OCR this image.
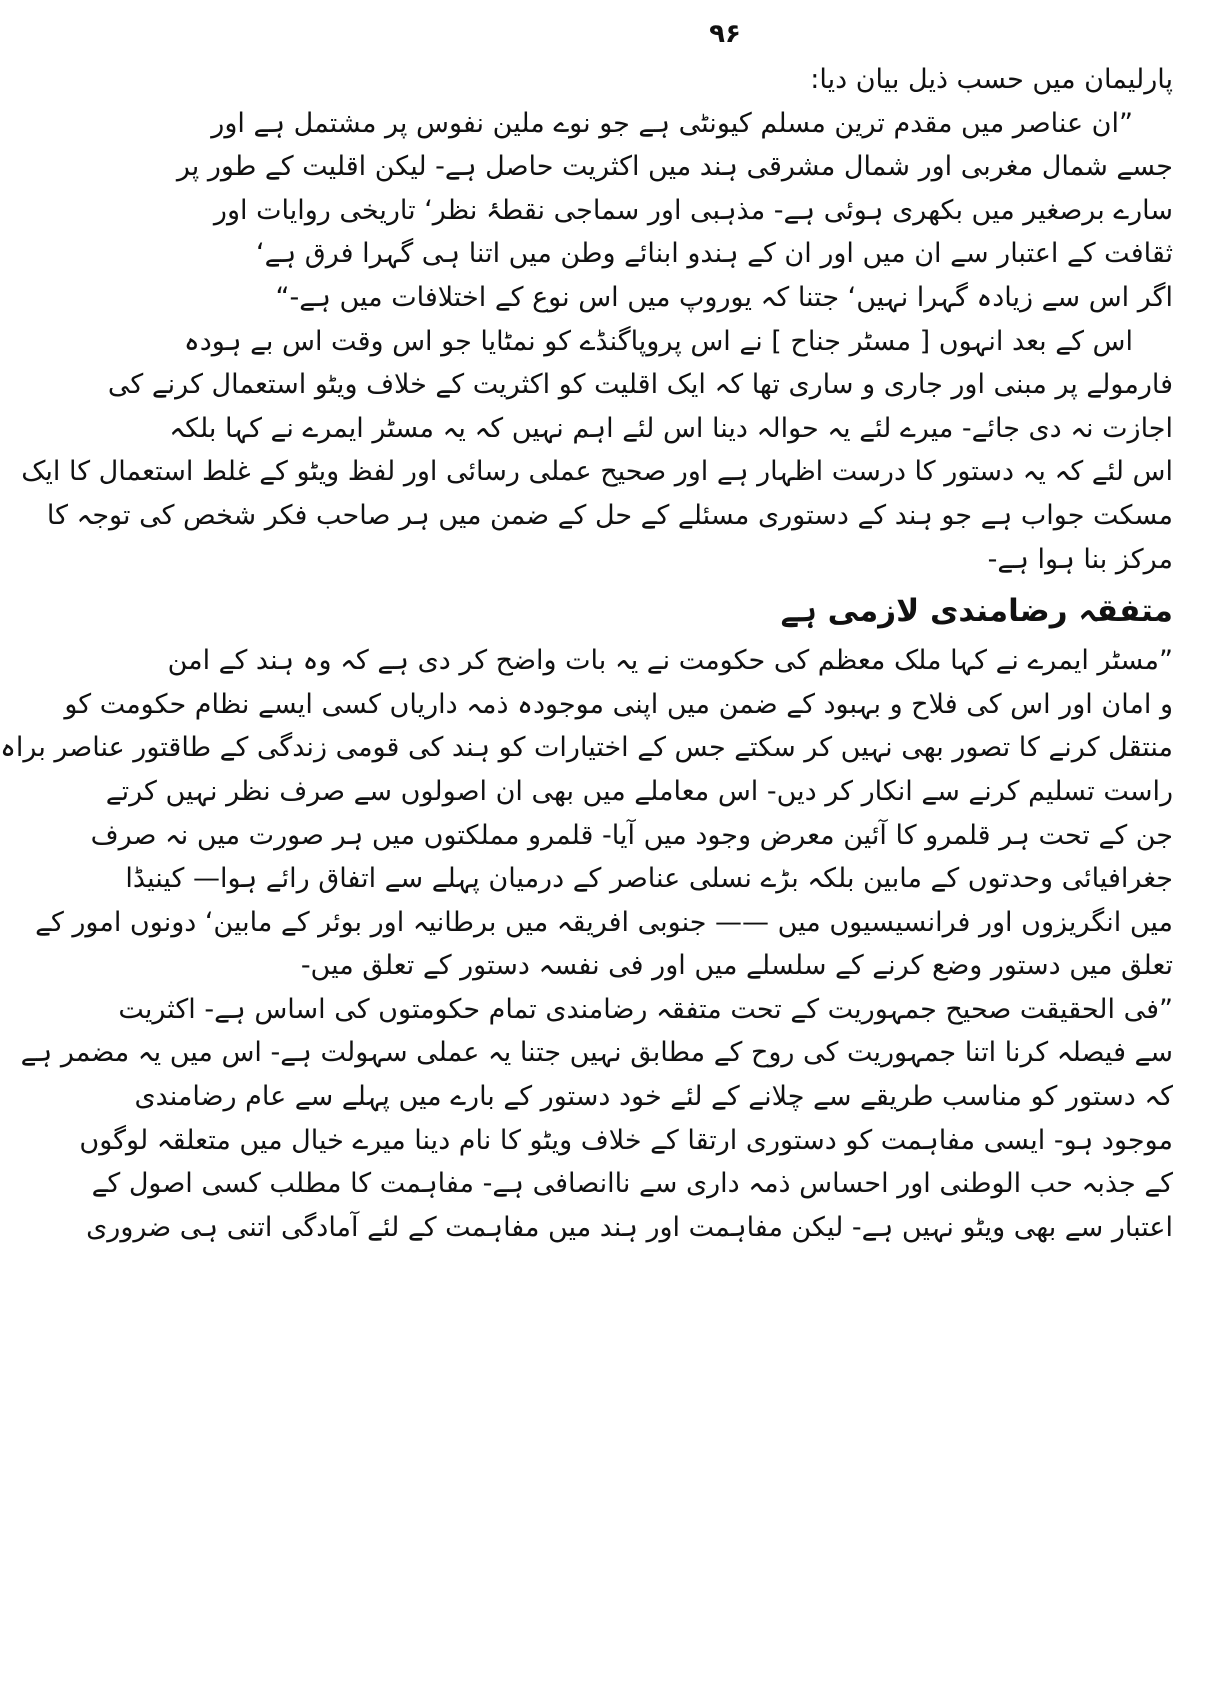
۹۶
پارلیمان میں حسب ذیل بیان دیا:
”ان عناصر میں مقدم ترین مسلم کیونٹی ہے جو نوے ملین نفوس پر مشتمل ہے اور
جسے شمال مغربی اور شمال مشرقی ہند میں اکثریت حاصل ہے- لیکن اقلیت کے طور پر
سارے برصغیر میں بکھری ہوئی ہے- مذہبی اور سماجی نقطۂ نظر‘ تاریخی روایات اور
ثقافت کے اعتبار سے ان میں اور ان کے ہندو ابنائے وطن میں اتنا ہی گہرا فرق ہے‘
اگر اس سے زیادہ گہرا نہیں‘ جتنا کہ یوروپ میں اس نوع کے اختلافات میں ہے-“
اس کے بعد انہوں [ مسٹر جناح ] نے اس پروپاگنڈے کو نمٹایا جو اس وقت اس بے ہودہ
فارمولے پر مبنی اور جاری و ساری تھا کہ ایک اقلیت کو اکثریت کے خلاف ویٹو استعمال کرنے کی
اجازت نہ دی جائے- میرے لئے یہ حوالہ دینا اس لئے اہم نہیں کہ یہ مسٹر ایمرے نے کہا بلکہ
اس لئے کہ یہ دستور کا درست اظہار ہے اور صحیح عملی رسائی اور لفظ ویٹو کے غلط استعمال کا ایک
مسکت جواب ہے جو ہند کے دستوری مسئلے کے حل کے ضمن میں ہر صاحب فکر شخص کی توجہ کا
مرکز بنا ہوا ہے-
متفقہ رضامندی لازمی ہے
”مسٹر ایمرے نے کہا ملک معظم کی حکومت نے یہ بات واضح کر دی ہے کہ وہ ہند کے امن
و امان اور اس کی فلاح و بہبود کے ضمن میں اپنی موجودہ ذمہ داریاں کسی ایسے نظام حکومت کو
منتقل کرنے کا تصور بھی نہیں کر سکتے جس کے اختیارات کو ہند کی قومی زندگی کے طاقتور عناصر براہ
راست تسلیم کرنے سے انکار کر دیں- اس معاملے میں بھی ان اصولوں سے صرف نظر نہیں کرتے
جن کے تحت ہر قلمرو کا آئین معرض وجود میں آیا- قلمرو مملکتوں میں ہر صورت میں نہ صرف
جغرافیائی وحدتوں کے مابین بلکہ بڑے نسلی عناصر کے درمیان پہلے سے اتفاق رائے ہوا— کینیڈا
میں انگریزوں اور فرانسیسیوں میں —— جنوبی افریقہ میں برطانیہ اور بوئر کے مابین‘ دونوں امور کے
تعلق میں دستور وضع کرنے کے سلسلے میں اور فی نفسہ دستور کے تعلق میں-
”فی الحقیقت صحیح جمہوریت کے تحت متفقہ رضامندی تمام حکومتوں کی اساس ہے- اکثریت
سے فیصلہ کرنا اتنا جمہوریت کی روح کے مطابق نہیں جتنا یہ عملی سہولت ہے- اس میں یہ مضمر ہے
کہ دستور کو مناسب طریقے سے چلانے کے لئے خود دستور کے بارے میں پہلے سے عام رضامندی
موجود ہو- ایسی مفاہمت کو دستوری ارتقا کے خلاف ویٹو کا نام دینا میرے خیال میں متعلقہ لوگوں
کے جذبہ حب الوطنی اور احساس ذمہ داری سے ناانصافی ہے- مفاہمت کا مطلب کسی اصول کے
اعتبار سے بھی ویٹو نہیں ہے- لیکن مفاہمت اور ہند میں مفاہمت کے لئے آمادگی اتنی ہی ضروری
